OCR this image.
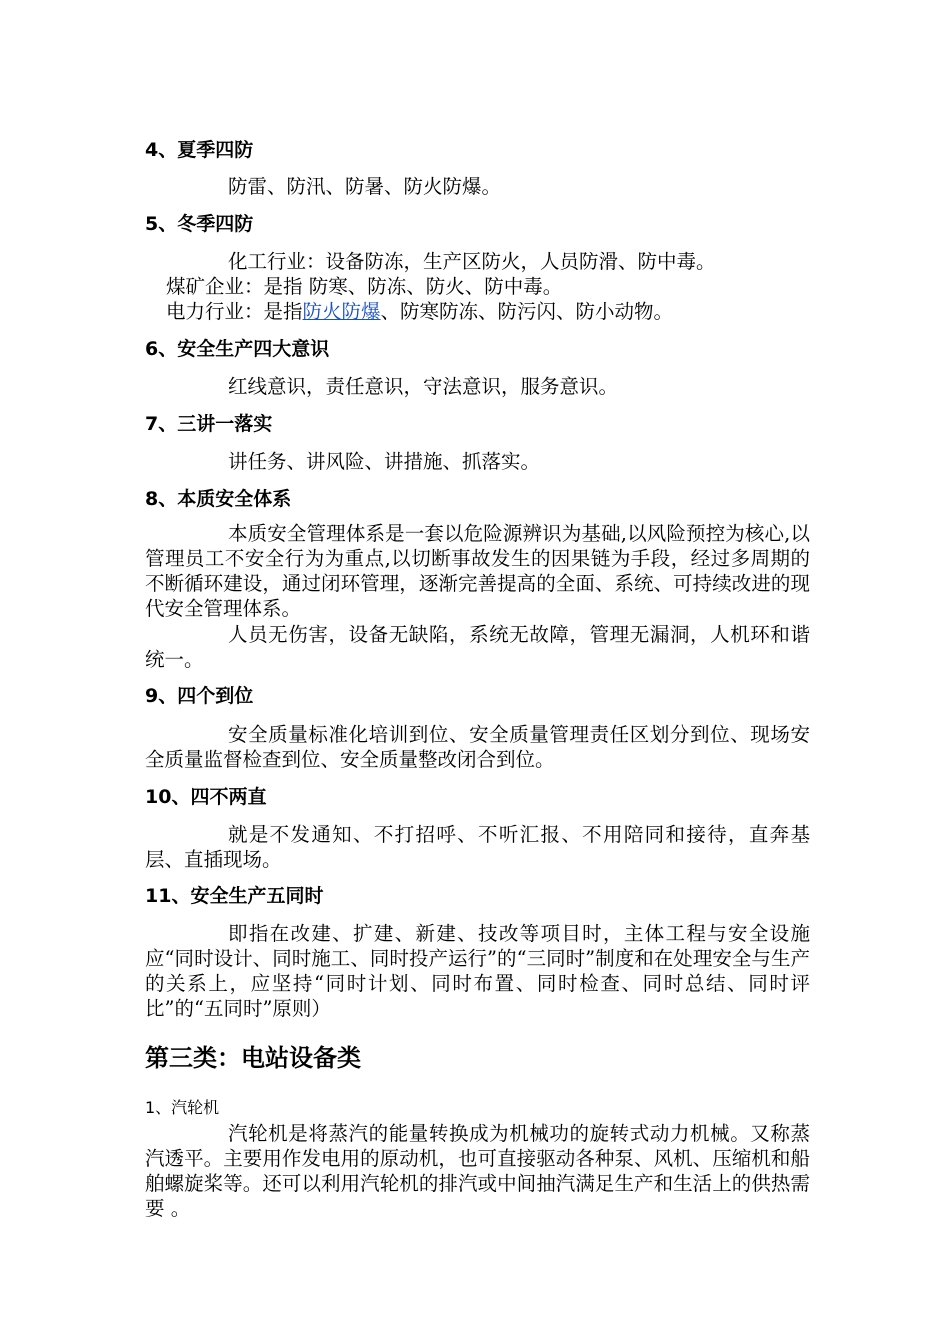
4、夏季四防
防雷、防汛、防暑、防火防爆。
5、冬季四防
化工行业：设备防冻，生产区防火，人员防滑、防中毒。
煤矿企业：是指 防寒、防冻、防火、防中毒。
电力行业：是指防火防爆、防寒防冻、防污闪、防小动物。
6、安全生产四大意识
红线意识，责任意识，守法意识，服务意识。
7、三讲一落实
讲任务、讲风险、讲措施、抓落实。
8、本质安全体系

本质安全管理体系是一套以危险源辨识为基础,以风险预控为核心,以管理员工不安全行为为重点,以切断事故发生的因果链为手段，经过多周期的不断循环建设，通过闭环管理，逐渐完善提高的全面、系统、可持续改进的现代安全管理体系。

人员无伤害，设备无缺陷，系统无故障，管理无漏洞，人机环和谐统一。

9、四个到位

安全质量标准化培训到位、安全质量管理责任区划分到位、现场安全质量监督检查到位、安全质量整改闭合到位。

10、四不两直

就是不发通知、不打招呼、不听汇报、不用陪同和接待，直奔基层、直插现场。

11、安全生产五同时

即指在改建、扩建、新建、技改等项目时，主体工程与安全设施应“同时设计、同时施工、同时投产运行”的“三同时”制度和在处理安全与生产的关系上，应坚持“同时计划、同时布置、同时检查、同时总结、同时评比”的“五同时”原则）

第三类：电站设备类
1、汽轮机

汽轮机是将蒸汽的能量转换成为机械功的旋转式动力机械。又称蒸汽透平。主要用作发电用的原动机，也可直接驱动各种泵、风机、压缩机和船舶螺旋桨等。还可以利用汽轮机的排汽或中间抽汽满足生产和生活上的供热需要 。
